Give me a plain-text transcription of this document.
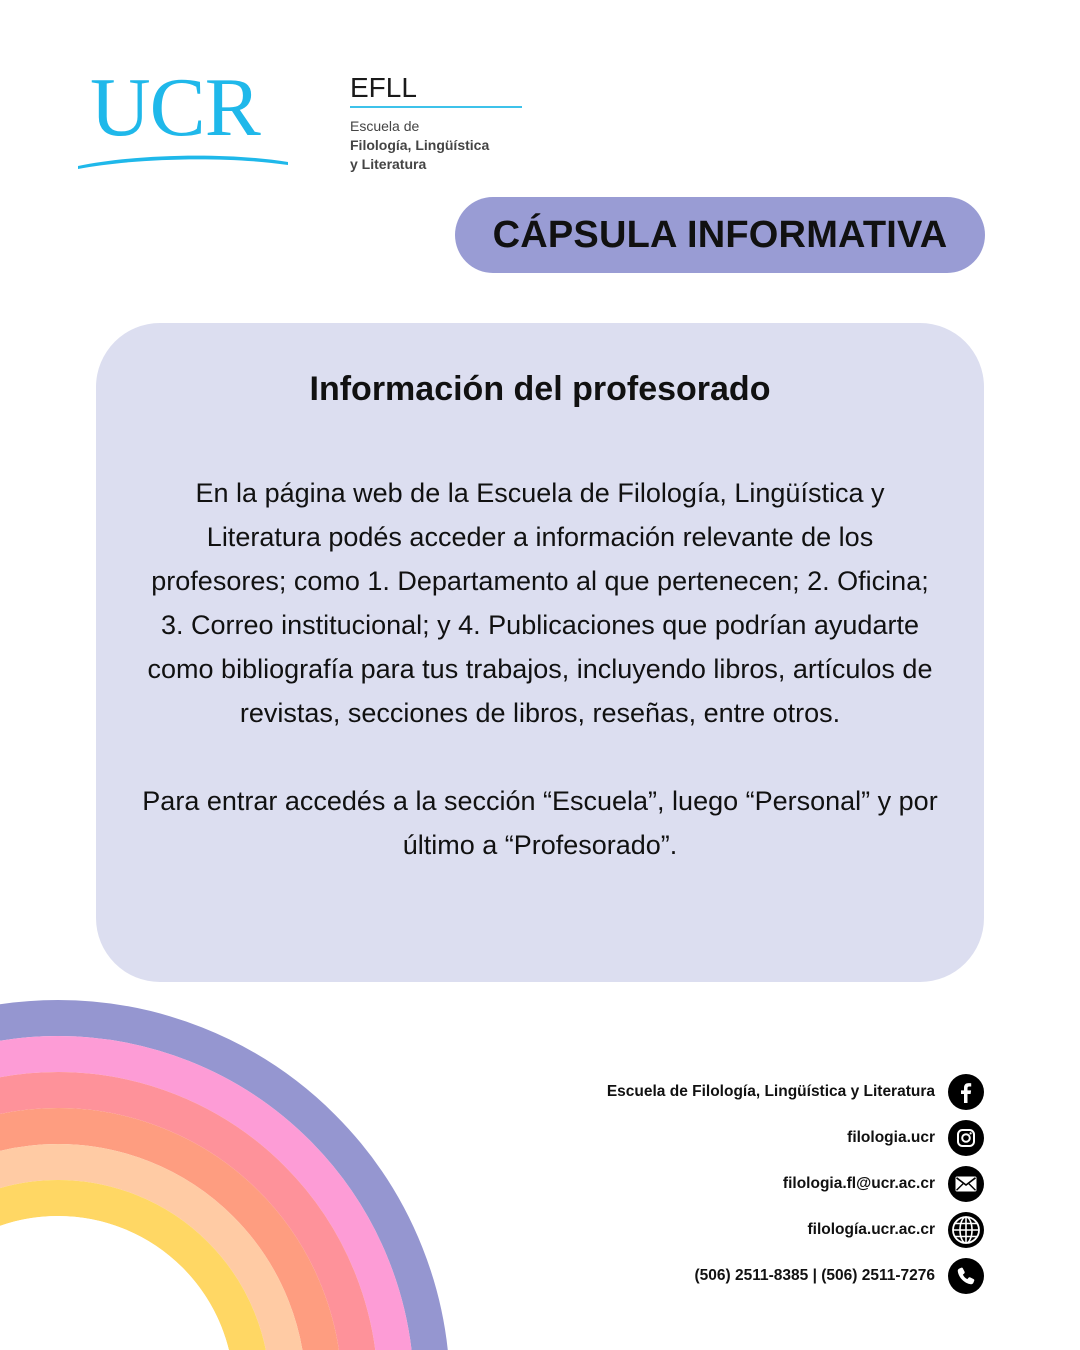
UCR	EFLL
Escuela de
Filología, Lingüística
y Literatura
CÁPSULA INFORMATIVA
Información del profesorado

En la página web de la Escuela de Filología, Lingüística y Literatura podés acceder a información relevante de los profesores; como 1. Departamento al que pertenecen; 2. Oficina; 3. Correo institucional; y 4. Publicaciones que podrían ayudarte como bibliografía para tus trabajos, incluyendo libros, artículos de revistas, secciones de libros, reseñas, entre otros.

Para entrar accedés a la sección “Escuela”, luego “Personal” y por último a “Profesorado”.

Escuela de Filología, Lingüística y Literatura
filologia.ucr
filologia.fl@ucr.ac.cr
filología.ucr.ac.cr
(506) 2511-8385 | (506) 2511-7276
